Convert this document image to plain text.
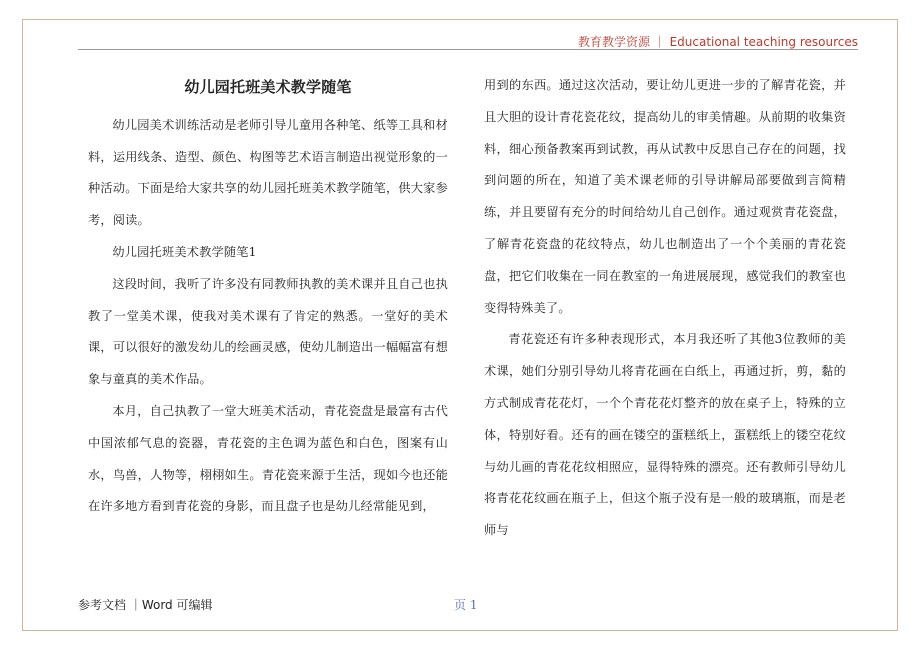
教育教学资源 ｜ Educational teaching resources

幼儿园托班美术教学随笔

幼儿园美术训练活动是老师引导儿童用各种笔、纸等工具和材料，运用线条、造型、颜色、构图等艺术语言制造出视觉形象的一种活动。下面是给大家共享的幼儿园托班美术教学随笔，供大家参考，阅读。

幼儿园托班美术教学随笔1

这段时间，我听了许多没有同教师执教的美术课并且自己也执教了一堂美术课，使我对美术课有了肯定的熟悉。一堂好的美术课，可以很好的激发幼儿的绘画灵感，使幼儿制造出一幅幅富有想象与童真的美术作品。

本月，自己执教了一堂大班美术活动，青花瓷盘是最富有古代中国浓郁气息的瓷器，青花瓷的主色调为蓝色和白色，图案有山水，鸟兽，人物等，栩栩如生。青花瓷来源于生活，现如今也还能在许多地方看到青花瓷的身影，而且盘子也是幼儿经常能见到，

用到的东西。通过这次活动，要让幼儿更进一步的了解青花瓷，并且大胆的设计青花瓷花纹，提高幼儿的审美情趣。从前期的收集资料，细心预备教案再到试教，再从试教中反思自己存在的问题，找到问题的所在，知道了美术课老师的引导讲解局部要做到言简精练，并且要留有充分的时间给幼儿自己创作。通过观赏青花瓷盘，了解青花瓷盘的花纹特点，幼儿也制造出了一个个美丽的青花瓷盘，把它们收集在一同在教室的一角进展展现，感觉我们的教室也变得特殊美了。

青花瓷还有许多种表现形式，本月我还听了其他3位教师的美术课，她们分别引导幼儿将青花画在白纸上，再通过折，剪，黏的方式制成青花花灯，一个个青花花灯整齐的放在桌子上，特殊的立体，特别好看。还有的画在镂空的蛋糕纸上，蛋糕纸上的镂空花纹与幼儿画的青花花纹相照应，显得特殊的漂亮。还有教师引导幼儿将青花花纹画在瓶子上，但这个瓶子没有是一般的玻璃瓶，而是老师与

参考文档 ｜Word 可编辑	页 1
